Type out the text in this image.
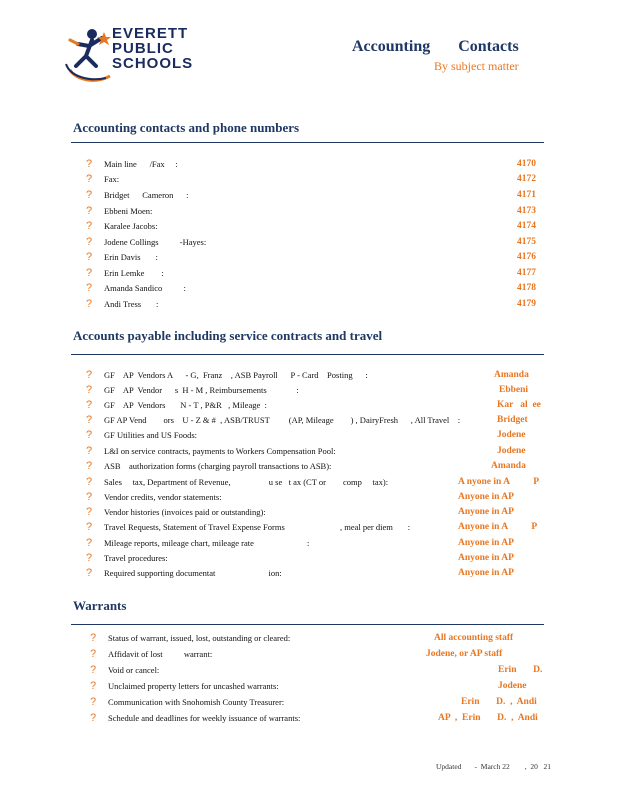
EVERETT
PUBLIC
SCHOOLS
Accounting       Contacts
By subject matter
Accounting contacts and phone numbers
? Main line      /Fax     :	4170
? Fax:	4172
? Bridget      Cameron      :	4171
? Ebbeni Moen:	4173
? Karalee Jacobs:	4174
? Jodene Collings          -Hayes:	4175
? Erin Davis       :	4176
? Erin Lemke        :	4177
? Amanda Sandico          :	4178
? Andi Tress       :	4179
Accounts payable including service contracts and travel
? GF    AP  Vendors A      - G,  Franz    , ASB Payroll      P - Card    Posting      :	Amanda
? GF    AP  Vendor      s  H - M , Reimbursements              :	Ebbeni
? GF    AP  Vendors       N - T , P&R   , Mileage  :	Kar   al  ee
? GF AP Vend        ors    U - Z & #  , ASB/TRUST         (AP, Mileage        ) , DairyFresh      , All Travel    :	Bridget
? GF Utilities and US Foods:	Jodene
? L&I on service contracts, payments to Workers Compensation Pool:	Jodene
? ASB    authorization forms (charging payroll transactions to ASB):	Amanda
? Sales     tax, Department of Revenue,                  u se   t ax (CT or        comp     tax):	A nyone in A          P
? Vendor credits, vendor statements:	Anyone in AP
? Vendor histories (invoices paid or outstanding):	Anyone in AP
? Travel Requests, Statement of Travel Expense Forms                          , meal per diem       :	Anyone in A          P
? Mileage reports, mileage chart, mileage rate                         :	Anyone in AP
? Travel procedures:	Anyone in AP
? Required supporting documentat                         ion:	Anyone in AP
Warrants
? Status of warrant, issued, lost, outstanding or cleared:	All accounting staff
? Affidavit of lost          warrant:	Jodene, or AP staff
? Void or cancel:	Erin       D.
? Unclaimed property letters for uncashed warrants:	Jodene
? Communication with Snohomish County Treasurer:	Erin       D.  ,  Andi
? Schedule and deadlines for weekly issuance of warrants:	AP  ,  Erin       D.  ,  Andi
Updated       -  March 22        ,  20   21
